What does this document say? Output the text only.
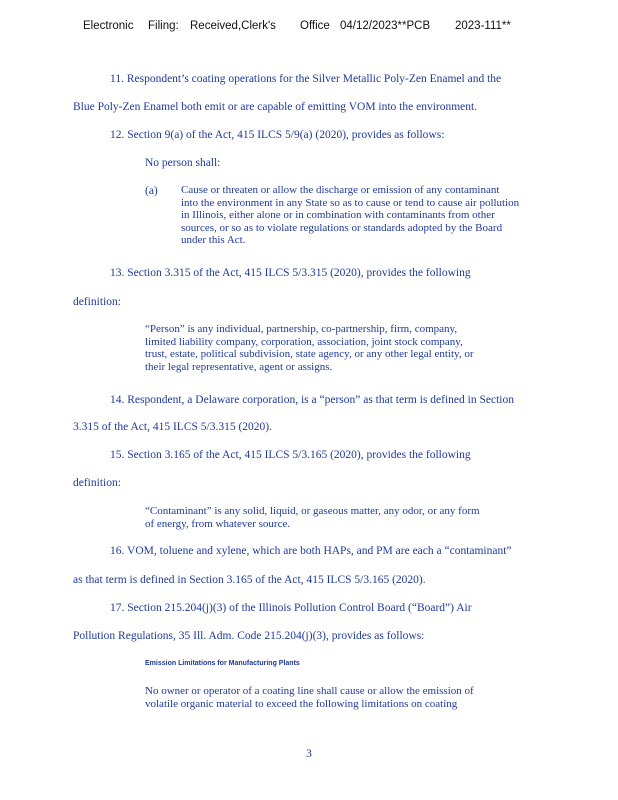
Electronic Filing: Received,Clerk's Office 04/12/2023**PCB 2023-111**
11. Respondent’s coating operations for the Silver Metallic Poly-Zen Enamel and the
Blue Poly-Zen Enamel both emit or are capable of emitting VOM into the environment.
12. Section 9(a) of the Act, 415 ILCS 5/9(a) (2020), provides as follows:
No person shall:
(a) Cause or threaten or allow the discharge or emission of any contaminant
into the environment in any State so as to cause or tend to cause air pollution
in Illinois, either alone or in combination with contaminants from other
sources, or so as to violate regulations or standards adopted by the Board
under this Act.
13. Section 3.315 of the Act, 415 ILCS 5/3.315 (2020), provides the following
definition:
“Person” is any individual, partnership, co-partnership, firm, company,
limited liability company, corporation, association, joint stock company,
trust, estate, political subdivision, state agency, or any other legal entity, or
their legal representative, agent or assigns.
14. Respondent, a Delaware corporation, is a “person” as that term is defined in Section
3.315 of the Act, 415 ILCS 5/3.315 (2020).
15. Section 3.165 of the Act, 415 ILCS 5/3.165 (2020), provides the following
definition:
“Contaminant” is any solid, liquid, or gaseous matter, any odor, or any form
of energy, from whatever source.
16. VOM, toluene and xylene, which are both HAPs, and PM are each a “contaminant”
as that term is defined in Section 3.165 of the Act, 415 ILCS 5/3.165 (2020).
17. Section 215.204(j)(3) of the Illinois Pollution Control Board (“Board”) Air
Pollution Regulations, 35 Ill. Adm. Code 215.204(j)(3), provides as follows:
Emission Limitations for Manufacturing Plants
No owner or operator of a coating line shall cause or allow the emission of
volatile organic material to exceed the following limitations on coating
3
